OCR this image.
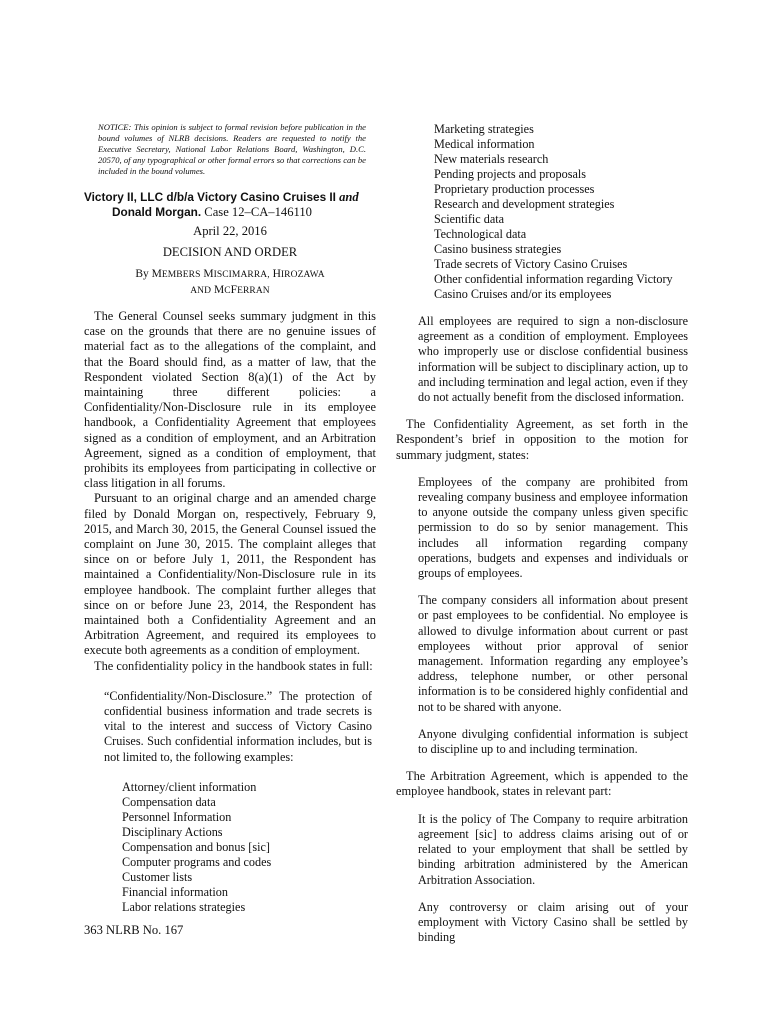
NOTICE: This opinion is subject to formal revision before publication in the bound volumes of NLRB decisions. Readers are requested to notify the Executive Secretary, National Labor Relations Board, Washington, D.C. 20570, of any typographical or other formal errors so that corrections can be included in the bound volumes.

Victory II, LLC d/b/a Victory Casino Cruises II and
Donald Morgan. Case 12–CA–146110

April 22, 2016

DECISION AND ORDER

By MEMBERS MISCIMARRA, HIROZAWA
AND MCFERRAN

The General Counsel seeks summary judgment in this case on the grounds that there are no genuine issues of material fact as to the allegations of the complaint, and that the Board should find, as a matter of law, that the Respondent violated Section 8(a)(1) of the Act by maintaining three different policies: a Confidentiality/Non-Disclosure rule in its employee handbook, a Confidentiality Agreement that employees signed as a condition of employment, and an Arbitration Agreement, signed as a condition of employment, that prohibits its employees from participating in collective or class litigation in all forums.

Pursuant to an original charge and an amended charge filed by Donald Morgan on, respectively, February 9, 2015, and March 30, 2015, the General Counsel issued the complaint on June 30, 2015. The complaint alleges that since on or before July 1, 2011, the Respondent has maintained a Confidentiality/Non-Disclosure rule in its employee handbook. The complaint further alleges that since on or before June 23, 2014, the Respondent has maintained both a Confidentiality Agreement and an Arbitration Agreement, and required its employees to execute both agreements as a condition of employment.

The confidentiality policy in the handbook states in full:

“Confidentiality/Non-Disclosure.” The protection of confidential business information and trade secrets is vital to the interest and success of Victory Casino Cruises. Such confidential information includes, but is not limited to, the following examples:

Attorney/client information
Compensation data
Personnel Information
Disciplinary Actions
Compensation and bonus [sic]
Computer programs and codes
Customer lists
Financial information
Labor relations strategies
Marketing strategies
Medical information
New materials research
Pending projects and proposals
Proprietary production processes
Research and development strategies
Scientific data
Technological data
Casino business strategies
Trade secrets of Victory Casino Cruises
Other confidential information regarding Victory Casino Cruises and/or its employees

All employees are required to sign a non-disclosure agreement as a condition of employment. Employees who improperly use or disclose confidential business information will be subject to disciplinary action, up to and including termination and legal action, even if they do not actually benefit from the disclosed information.

The Confidentiality Agreement, as set forth in the Respondent’s brief in opposition to the motion for summary judgment, states:

Employees of the company are prohibited from revealing company business and employee information to anyone outside the company unless given specific permission to do so by senior management. This includes all information regarding company operations, budgets and expenses and individuals or groups of employees.

The company considers all information about present or past employees to be confidential. No employee is allowed to divulge information about current or past employees without prior approval of senior management. Information regarding any employee’s address, telephone number, or other personal information is to be considered highly confidential and not to be shared with anyone.

Anyone divulging confidential information is subject to discipline up to and including termination.

The Arbitration Agreement, which is appended to the employee handbook, states in relevant part:

It is the policy of The Company to require arbitration agreement [sic] to address claims arising out of or related to your employment that shall be settled by binding arbitration administered by the American Arbitration Association.

Any controversy or claim arising out of your employment with Victory Casino shall be settled by binding

363 NLRB No. 167
